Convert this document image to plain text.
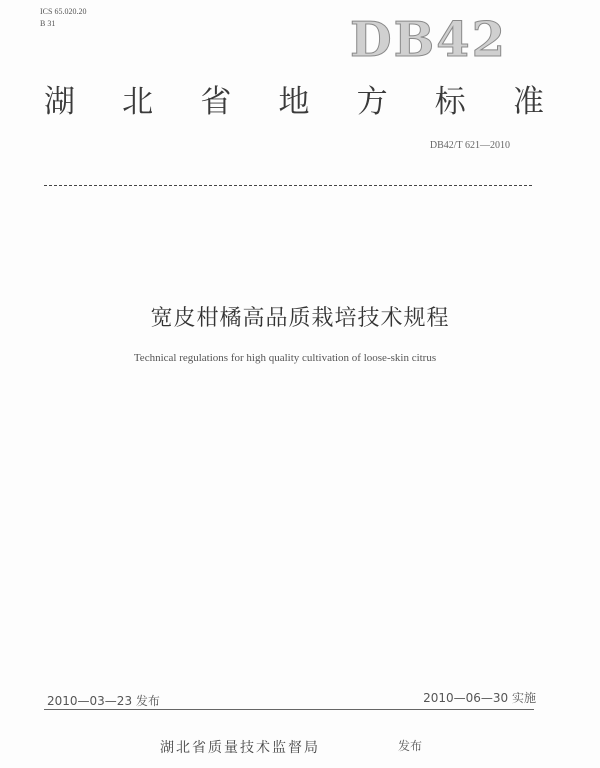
ICS 65.020.20
B 31	DB42
湖 北 省 地 方 标 准
DB42/T 621—2010
宽皮柑橘高品质栽培技术规程
Technical regulations for high quality cultivation of loose-skin citrus
2010—03—23 发布	2010—06—30 实施
湖北省质量技术监督局	发布
